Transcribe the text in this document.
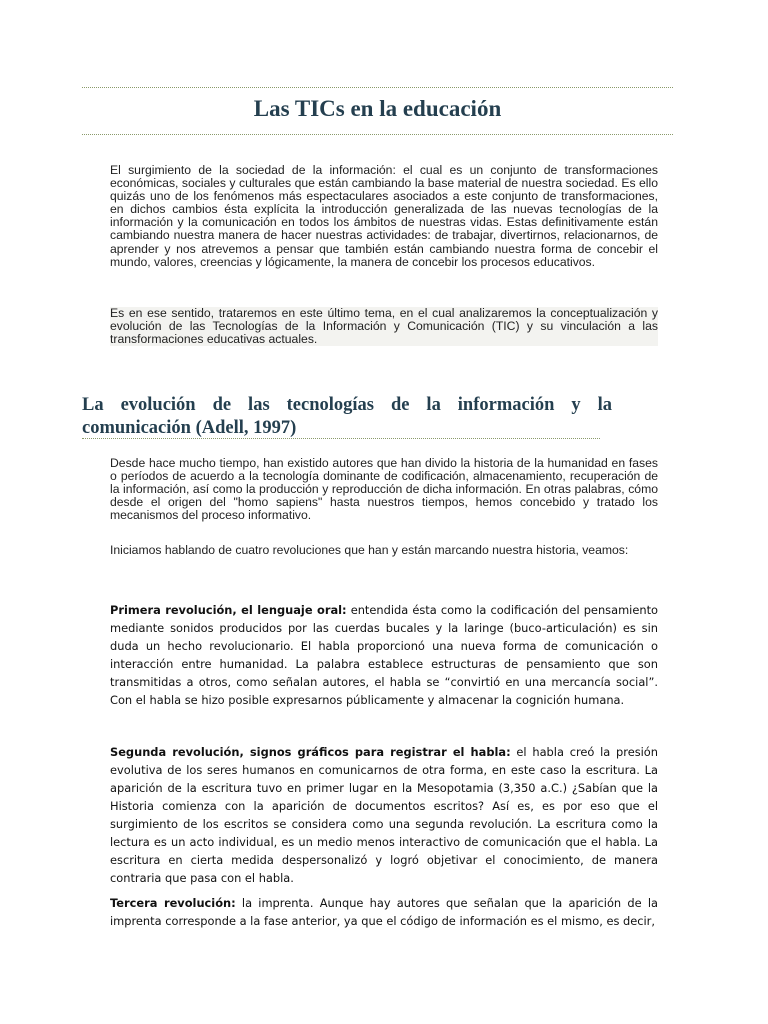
Las TICs en la educación

El surgimiento de la sociedad de la información: el cual es un conjunto de transformaciones económicas, sociales y culturales que están cambiando la base material de nuestra sociedad. Es ello quizás uno de los fenómenos más espectaculares asociados a este conjunto de transformaciones, en dichos cambios ésta explícita la introducción generalizada de las nuevas tecnologías de la información y la comunicación en todos los ámbitos de nuestras vidas. Estas definitivamente están cambiando nuestra manera de hacer nuestras actividades: de trabajar, divertirnos, relacionarnos, de aprender y nos atrevemos a pensar que también están cambiando nuestra forma de concebir el mundo, valores, creencias y lógicamente, la manera de concebir los procesos educativos.

Es en ese sentido, trataremos en este último tema, en el cual analizaremos la conceptualización y evolución de las Tecnologías de la Información y Comunicación (TIC) y su vinculación a las transformaciones educativas actuales.

La evolución de las tecnologías de la información y la comunicación (Adell, 1997)

Desde hace mucho tiempo, han existido autores que han divido la historia de la humanidad en fases o períodos de acuerdo a la tecnología dominante de codificación, almacenamiento, recuperación de la información, así como la producción y reproducción de dicha información. En otras palabras, cómo desde el origen del "homo sapiens" hasta nuestros tiempos, hemos concebido y tratado los mecanismos del proceso informativo.

Iniciamos hablando de cuatro revoluciones que han y están marcando nuestra historia, veamos:

Primera revolución, el lenguaje oral: entendida ésta como la codificación del pensamiento mediante sonidos producidos por las cuerdas bucales y la laringe (buco-articulación) es sin duda un hecho revolucionario. El habla proporcionó una nueva forma de comunicación o interacción entre humanidad. La palabra establece estructuras de pensamiento que son transmitidas a otros, como señalan autores, el habla se “convirtió en una mercancía social”. Con el habla se hizo posible expresarnos públicamente y almacenar la cognición humana.

Segunda revolución, signos gráficos para registrar el habla: el habla creó la presión evolutiva de los seres humanos en comunicarnos de otra forma, en este caso la escritura. La aparición de la escritura tuvo en primer lugar en la Mesopotamia (3,350 a.C.) ¿Sabían que la Historia comienza con la aparición de documentos escritos? Así es, es por eso que el surgimiento de los escritos se considera como una segunda revolución. La escritura como la lectura es un acto individual, es un medio menos interactivo de comunicación que el habla. La escritura en cierta medida despersonalizó y logró objetivar el conocimiento, de manera contraria que pasa con el habla.

Tercera revolución: la imprenta. Aunque hay autores que señalan que la aparición de la imprenta corresponde a la fase anterior, ya que el código de información es el mismo, es decir,
